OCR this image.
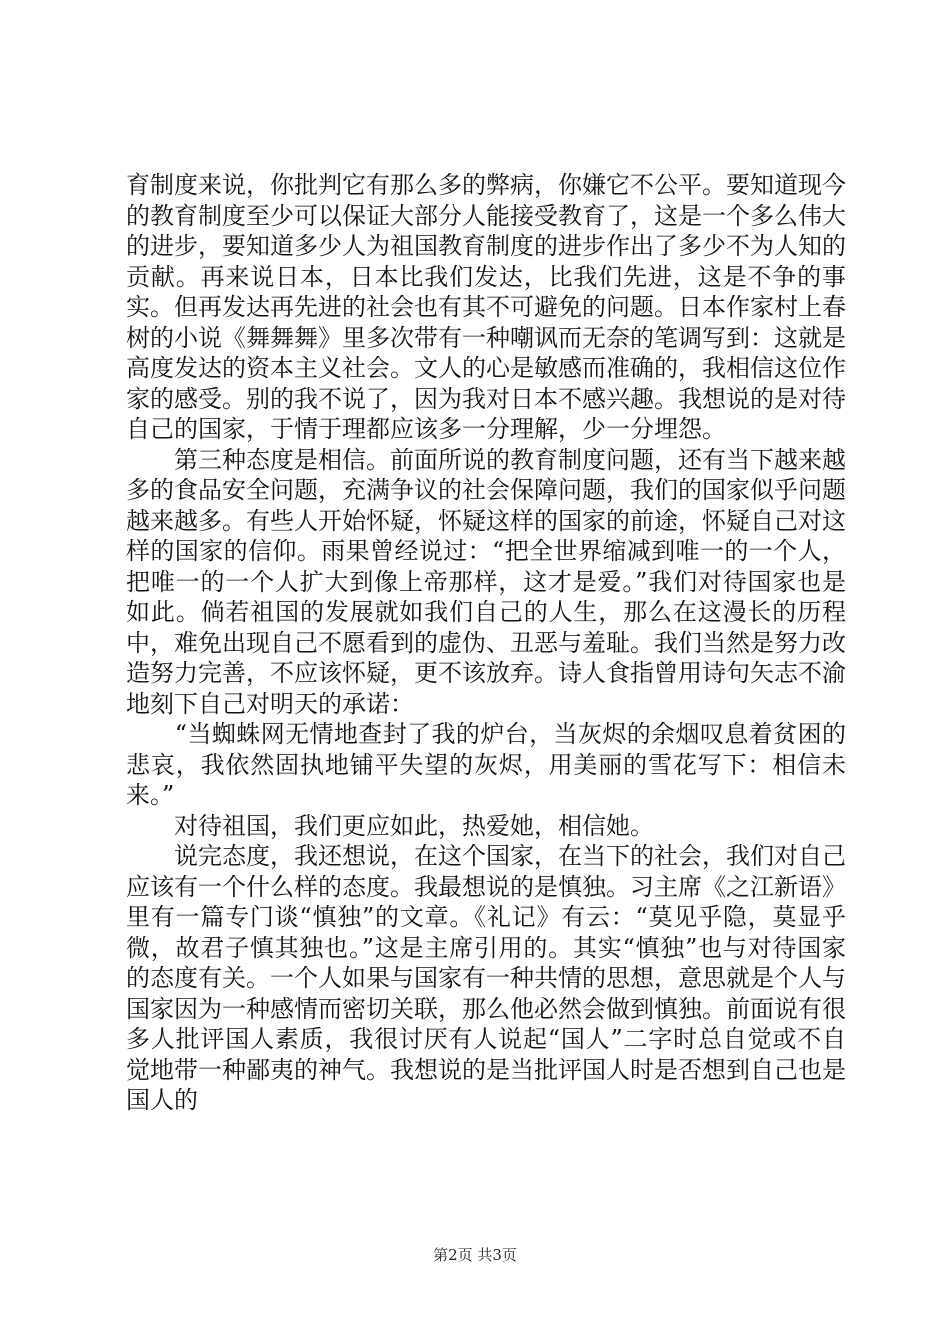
育制度来说，你批判它有那么多的弊病，你嫌它不公平。要知道现今的教育制度至少可以保证大部分人能接受教育了，这是一个多么伟大的进步，要知道多少人为祖国教育制度的进步作出了多少不为人知的贡献。再来说日本，日本比我们发达，比我们先进，这是不争的事实。但再发达再先进的社会也有其不可避免的问题。日本作家村上春树的小说《舞舞舞》里多次带有一种嘲讽而无奈的笔调写到：这就是高度发达的资本主义社会。文人的心是敏感而准确的，我相信这位作家的感受。别的我不说了，因为我对日本不感兴趣。我想说的是对待自己的国家，于情于理都应该多一分理解，少一分埋怨。

　　第三种态度是相信。前面所说的教育制度问题，还有当下越来越多的食品安全问题，充满争议的社会保障问题，我们的国家似乎问题越来越多。有些人开始怀疑，怀疑这样的国家的前途，怀疑自己对这样的国家的信仰。雨果曾经说过：“把全世界缩减到唯一的一个人，把唯一的一个人扩大到像上帝那样，这才是爱。”我们对待国家也是如此。倘若祖国的发展就如我们自己的人生，那么在这漫长的历程中，难免出现自己不愿看到的虚伪、丑恶与羞耻。我们当然是努力改造努力完善，不应该怀疑，更不该放弃。诗人食指曾用诗句矢志不渝地刻下自己对明天的承诺：

　　“当蜘蛛网无情地查封了我的炉台，当灰烬的余烟叹息着贫困的悲哀，我依然固执地铺平失望的灰烬，用美丽的雪花写下：相信未来。”

　　对待祖国，我们更应如此，热爱她，相信她。

　　说完态度，我还想说，在这个国家，在当下的社会，我们对自己应该有一个什么样的态度。我最想说的是慎独。习主席《之江新语》里有一篇专门谈“慎独”的文章。《礼记》有云：“莫见乎隐，莫显乎微，故君子慎其独也。”这是主席引用的。其实“慎独”也与对待国家的态度有关。一个人如果与国家有一种共情的思想，意思就是个人与国家因为一种感情而密切关联，那么他必然会做到慎独。前面说有很多人批评国人素质，我很讨厌有人说起“国人”二字时总自觉或不自觉地带一种鄙夷的神气。我想说的是当批评国人时是否想到自己也是国人的

第2页 共3页
